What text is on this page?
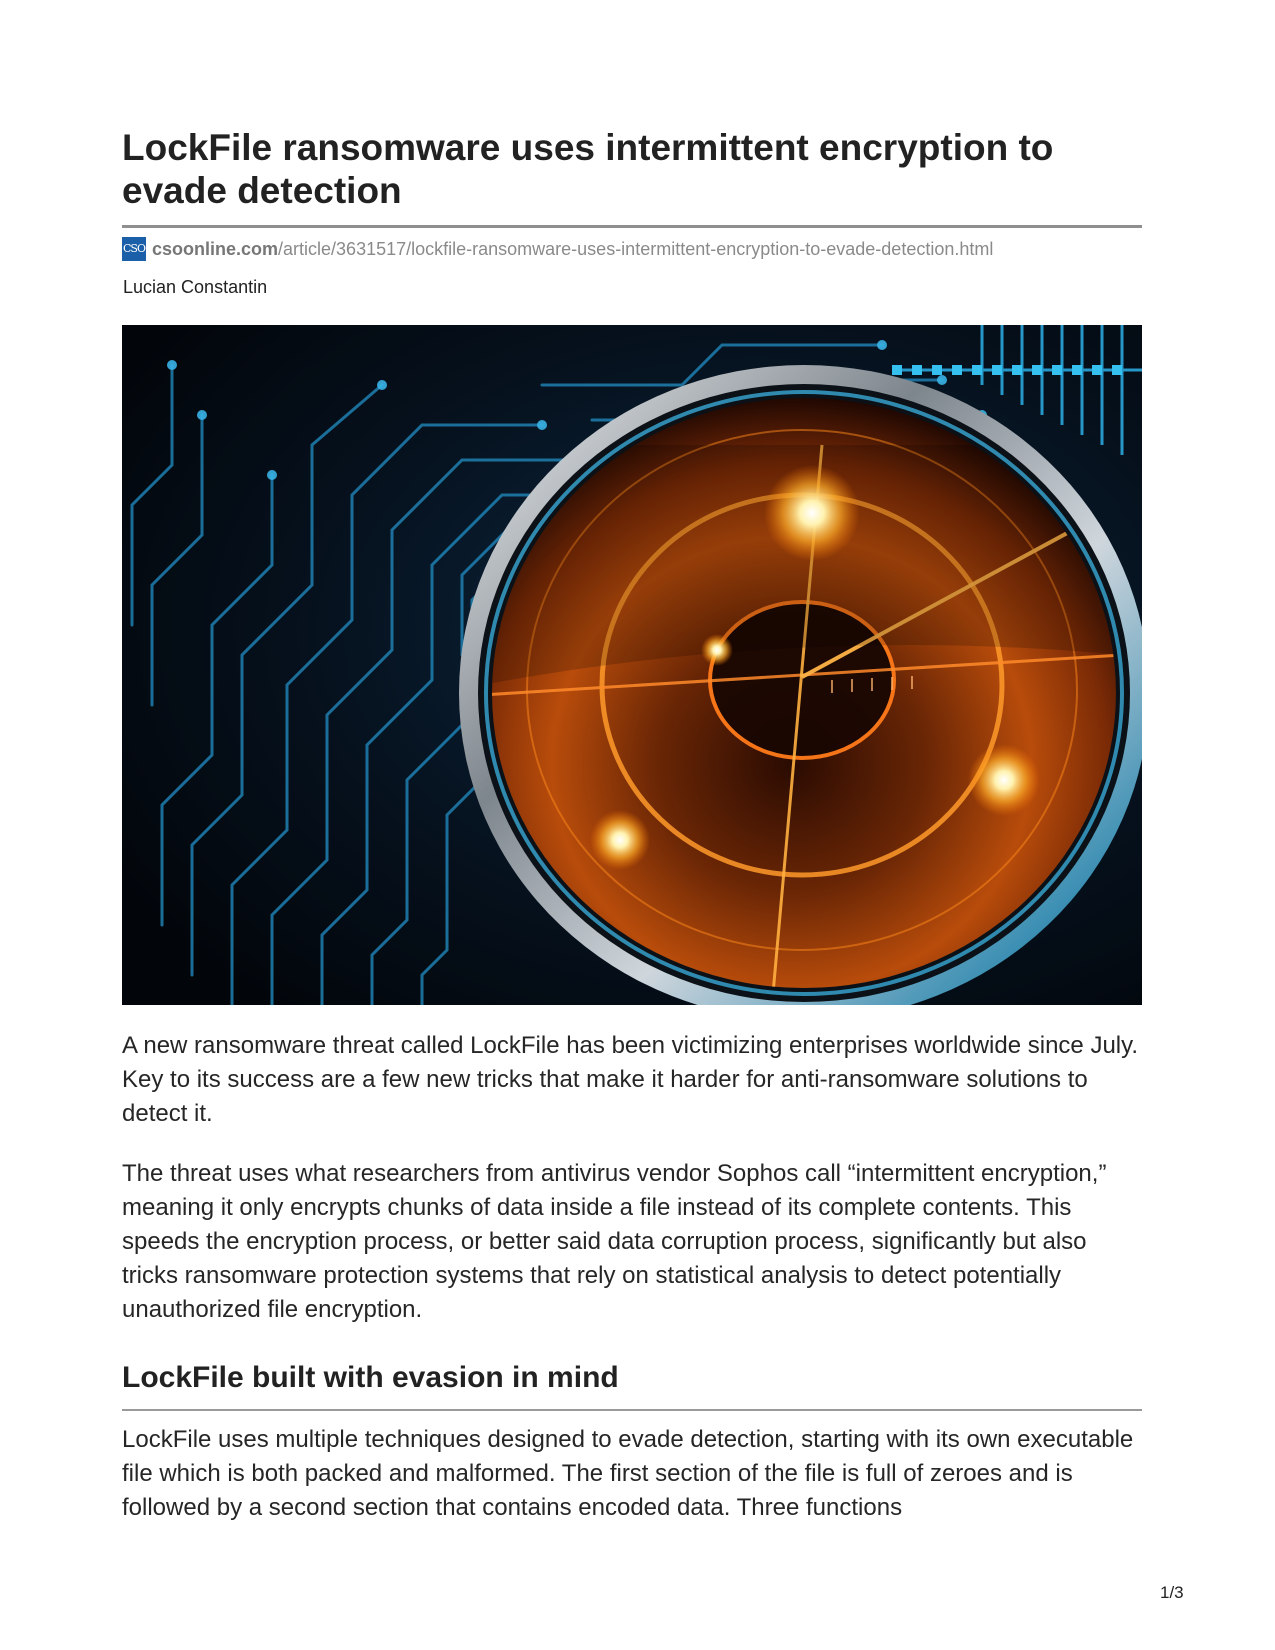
LockFile ransomware uses intermittent encryption to evade detection
CSO csoonline.com /article/3631517/lockfile-ransomware-uses-intermittent-encryption-to-evade-detection.html
Lucian Constantin

A new ransomware threat called LockFile has been victimizing enterprises worldwide since July. Key to its success are a few new tricks that make it harder for anti-ransomware solutions to detect it.

The threat uses what researchers from antivirus vendor Sophos call “intermittent encryption,” meaning it only encrypts chunks of data inside a file instead of its complete contents. This speeds the encryption process, or better said data corruption process, significantly but also tricks ransomware protection systems that rely on statistical analysis to detect potentially unauthorized file encryption.

LockFile built with evasion in mind

LockFile uses multiple techniques designed to evade detection, starting with its own executable file which is both packed and malformed. The first section of the file is full of zeroes and is followed by a second section that contains encoded data. Three functions

1/3
